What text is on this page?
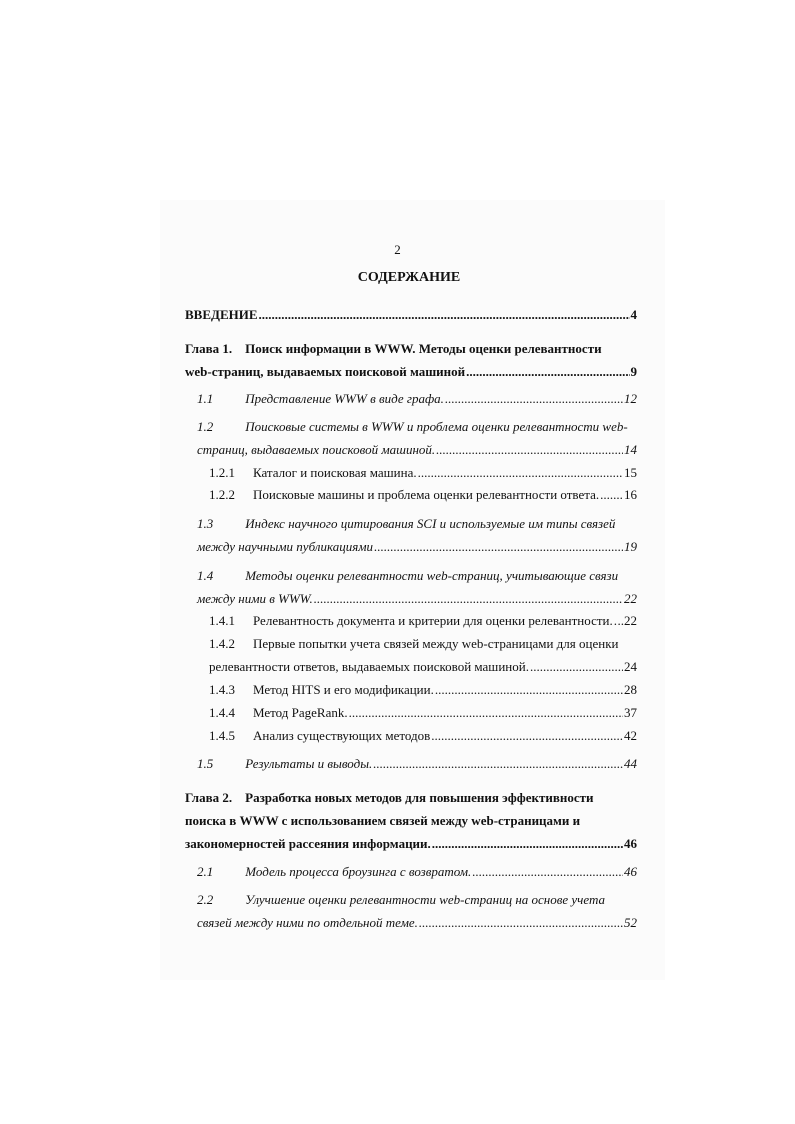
2
СОДЕРЖАНИЕ
ВВЕДЕНИЕ .....	4
Глава 1. Поиск информации в WWW. Методы оценки релевантности
web-страниц, выдаваемых поисковой машиной .....	9
1.1	Представление WWW в виде графа. .....	12
1.2 Поисковые системы в WWW и проблема оценки релевантности web-
страниц, выдаваемых поисковой машиной. .....	14
1.2.1	Каталог и поисковая машина. .....	15
1.2.2	Поисковые машины и проблема оценки релевантности ответа. ..... 16
1.3 Индекс научного цитирования SCI и используемые им типы связей
между научными публикациями .....	19
1.4 Методы оценки релевантности web-страниц, учитывающие связи
между ними в WWW. .....	22
1.4.1	Релевантность документа и критерии для оценки релевантности. ..... ..22
1.4.2 Первые попытки учета связей между web-страницами для оценки
релевантности ответов, выдаваемых поисковой машиной. .....	24
1.4.3	Метод HITS и его модификации. .....	28
1.4.4	Метод PageRank. .....	37
1.4.5	Анализ существующих методов .....	42
1.5	Результаты и выводы. .....	44
Глава 2. Разработка новых методов для повышения эффективности
поиска в WWW с использованием связей между web-страницами и
закономерностей рассеяния информации. .....	46
2.1	Модель процесса броузинга с возвратом. .....	46
2.2 Улучшение оценки релевантности web-страниц на основе учета
связей между ними по отдельной теме. .....	52
